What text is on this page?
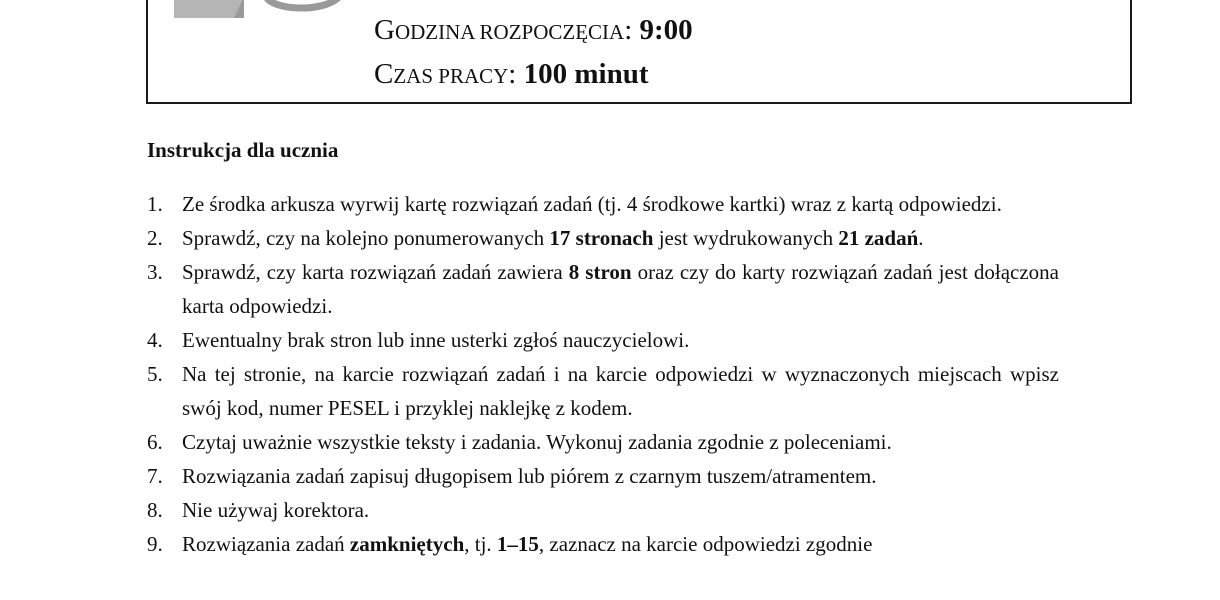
GODZINA ROZPOCZĘCIA: 9:00
CZAS PRACY: 100 minut
Instrukcja dla ucznia
1. Ze środka arkusza wyrwij kartę rozwiązań zadań (tj. 4 środkowe kartki) wraz z kartą odpowiedzi.
2. Sprawdź, czy na kolejno ponumerowanych 17 stronach jest wydrukowanych 21 zadań.
3. Sprawdź, czy karta rozwiązań zadań zawiera 8 stron oraz czy do karty rozwiązań zadań jest dołączona karta odpowiedzi.
4. Ewentualny brak stron lub inne usterki zgłoś nauczycielowi.
5. Na tej stronie, na karcie rozwiązań zadań i na karcie odpowiedzi w wyznaczonych miejscach wpisz swój kod, numer PESEL i przyklej naklejkę z kodem.
6. Czytaj uważnie wszystkie teksty i zadania. Wykonuj zadania zgodnie z poleceniami.
7. Rozwiązania zadań zapisuj długopisem lub piórem z czarnym tuszem/atramentem.
8. Nie używaj korektora.
9. Rozwiązania zadań zamkniętych, tj. 1–15, zaznacz na karcie odpowiedzi zgodnie
